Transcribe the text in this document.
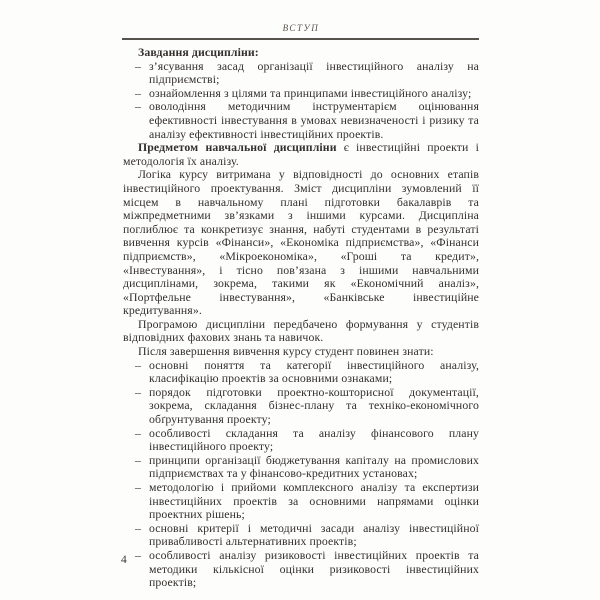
ВСТУП

Завдання дисципліни:

– з’ясування засад організації інвестиційного аналізу на підприємстві;
– ознайомлення з цілями та принципами інвестиційного аналізу;
– оволодіння методичним інструментарієм оцінювання ефективності інвестування в умовах невизначеності і ризику та аналізу ефективності інвестиційних проектів.

Предметом навчальної дисципліни є інвестиційні проекти і методологія їх аналізу.

Логіка курсу витримана у відповідності до основних етапів інвестиційного проектування. Зміст дисципліни зумовлений її місцем в навчальному плані підготовки бакалаврів та міжпредметними зв’язками з іншими курсами. Дисципліна поглиблює та конкретизує знання, набуті студентами в результаті вивчення курсів «Фінанси», «Економіка підприємства», «Фінанси підприємств», «Мікроекономіка», «Гроші та кредит», «Інвестування», і тісно пов’язана з іншими навчальними дисциплінами, зокрема, такими як «Економічний аналіз», «Портфельне інвестування», «Банківське інвестиційне кредитування».

Програмою дисципліни передбачено формування у студентів відповідних фахових знань та навичок.

Після завершення вивчення курсу студент повинен знати:

– основні поняття та категорії інвестиційного аналізу, класифікацію проектів за основними ознаками;
– порядок підготовки проектно-кошторисної документації, зокрема, складання бізнес-плану та техніко-економічного обґрунтування проекту;
– особливості складання та аналізу фінансового плану інвестиційного проекту;
– принципи організації бюджетування капіталу на промислових підприємствах та у фінансово-кредитних установах;
– методологію і прийоми комплексного аналізу та експертизи інвестиційних проектів за основними напрямами оцінки проектних рішень;
– основні критерії і методичні засади аналізу інвестиційної привабливості альтернативних проектів;
– особливості аналізу ризиковості інвестиційних проектів та методики кількісної оцінки ризиковості інвестиційних проектів;
4
